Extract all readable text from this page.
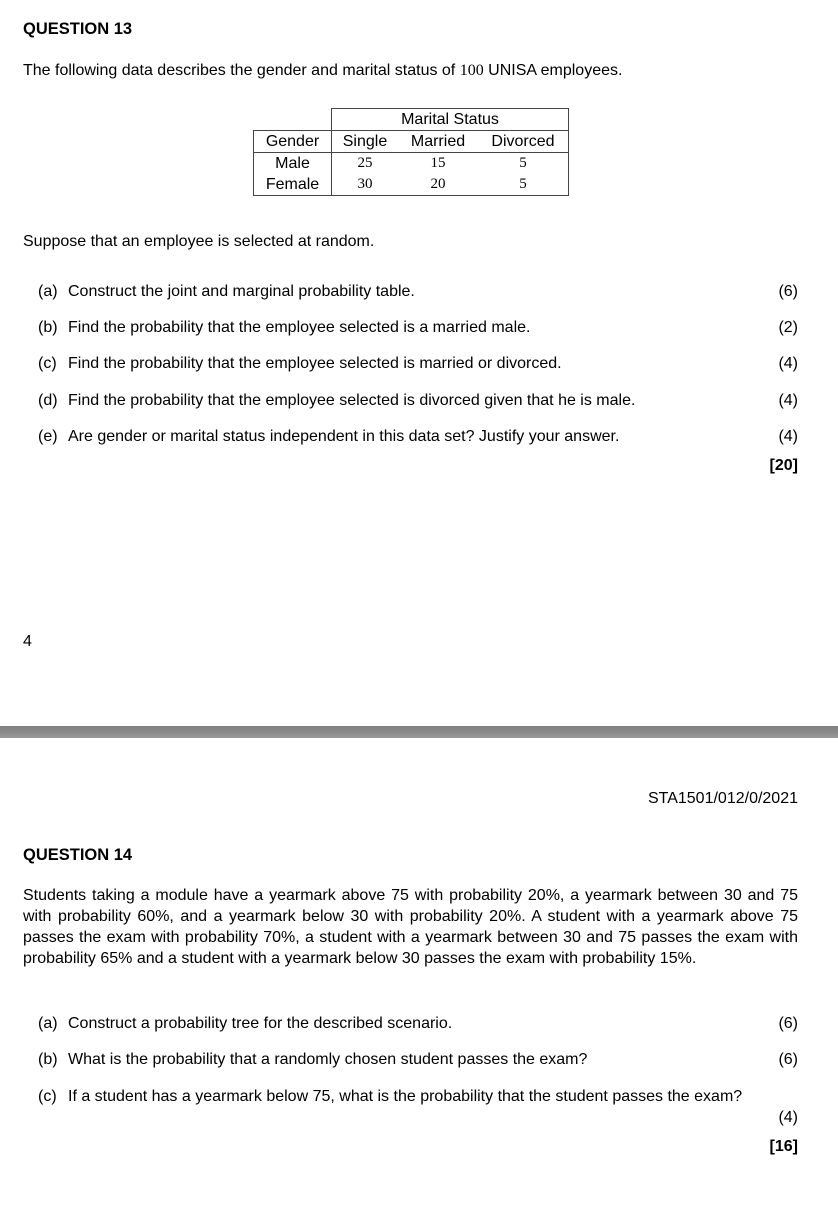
QUESTION 13
The following data describes the gender and marital status of 100 UNISA employees.
	Marital Status		
Gender	Single	Married	Divorced
Male	25	15	5
Female	30	20	5
Suppose that an employee is selected at random.
(a) Construct the joint and marginal probability table.	(6)
(b) Find the probability that the employee selected is a married male.	(2)
(c) Find the probability that the employee selected is married or divorced.	(4)
(d) Find the probability that the employee selected is divorced given that he is male.	(4)
(e) Are gender or marital status independent in this data set? Justify your answer.	(4)
[20]
4
STA1501/012/0/2021
QUESTION 14
Students taking a module have a yearmark above 75 with probability 20%, a yearmark between 30 and 75 with probability 60%, and a yearmark below 30 with probability 20%. A student with a yearmark above 75 passes the exam with probability 70%, a student with a yearmark between 30 and 75 passes the exam with probability 65% and a student with a yearmark below 30 passes the exam with probability 15%.
(a) Construct a probability tree for the described scenario.	(6)
(b) What is the probability that a randomly chosen student passes the exam?	(6)
(c) If a student has a yearmark below 75, what is the probability that the student passes the exam?
(4)
[16]
